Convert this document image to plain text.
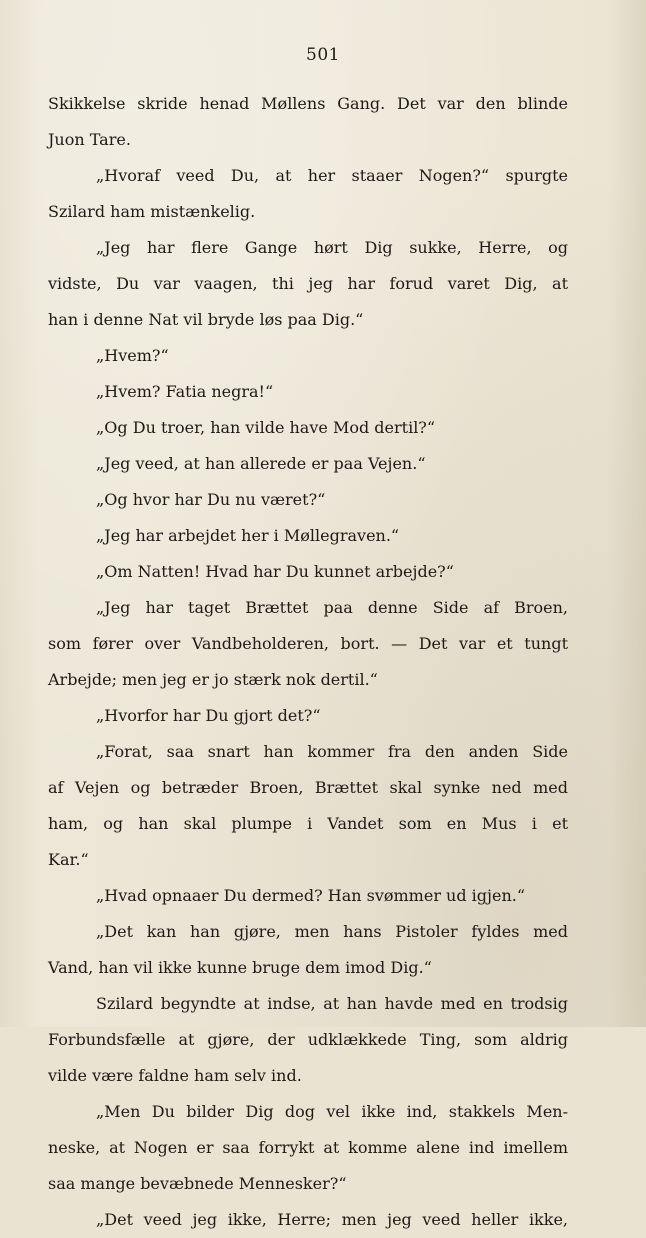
501
Skikkelse skride henad Møllens Gang. Det var den blinde
Juon Tare.
„Hvoraf veed Du, at her staaer Nogen?“ spurgte
Szilard ham mistænkelig.
„Jeg har flere Gange hørt Dig sukke, Herre, og
vidste, Du var vaagen, thi jeg har forud varet Dig, at
han i denne Nat vil bryde løs paa Dig.“
„Hvem?“
„Hvem? Fatia negra!“
„Og Du troer, han vilde have Mod dertil?“
„Jeg veed, at han allerede er paa Vejen.“
„Og hvor har Du nu været?“
„Jeg har arbejdet her i Møllegraven.“
„Om Natten! Hvad har Du kunnet arbejde?“
„Jeg har taget Brættet paa denne Side af Broen,
som fører over Vandbeholderen, bort. — Det var et tungt
Arbejde; men jeg er jo stærk nok dertil.“
„Hvorfor har Du gjort det?“
„Forat, saa snart han kommer fra den anden Side
af Vejen og betræder Broen, Brættet skal synke ned med
ham, og han skal plumpe i Vandet som en Mus i et
Kar.“
„Hvad opnaaer Du dermed? Han svømmer ud igjen.“
„Det kan han gjøre, men hans Pistoler fyldes med
Vand, han vil ikke kunne bruge dem imod Dig.“
Szilard begyndte at indse, at han havde med en trodsig
Forbundsfælle at gjøre, der udklækkede Ting, som aldrig
vilde være faldne ham selv ind.
„Men Du bilder Dig dog vel ikke ind, stakkels Men-
neske, at Nogen er saa forrykt at komme alene ind imellem
saa mange bevæbnede Mennesker?“
„Det veed jeg ikke, Herre; men jeg veed heller ikke,
